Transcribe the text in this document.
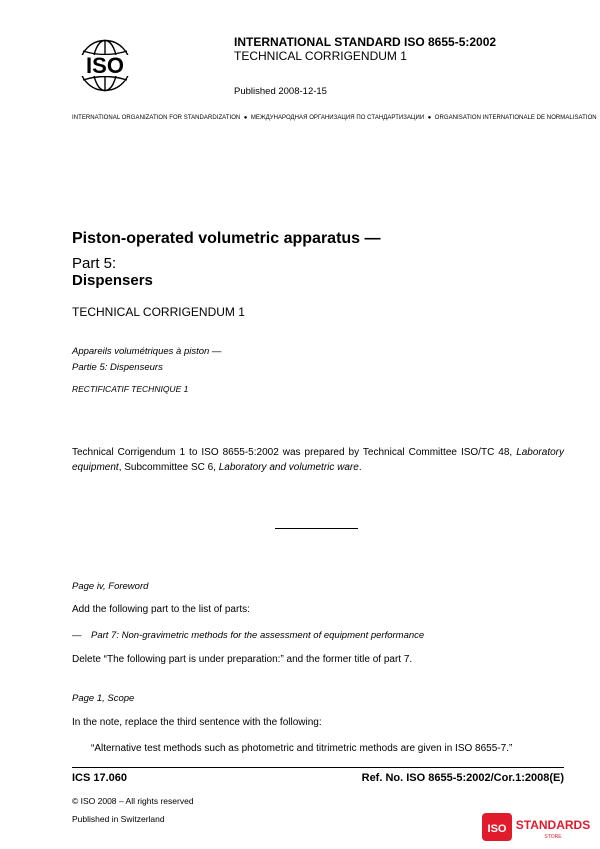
ISO
INTERNATIONAL STANDARD ISO 8655-5:2002
TECHNICAL CORRIGENDUM 1
Published 2008-12-15
INTERNATIONAL ORGANIZATION FOR STANDARDIZATION ● МЕЖДУНАРОДНАЯ ОРГАНИЗАЦИЯ ПО СТАНДАРТИЗАЦИИ ● ORGANISATION INTERNATIONALE DE NORMALISATION
Piston-operated volumetric apparatus —
Part 5:
Dispensers
TECHNICAL CORRIGENDUM 1
Appareils volumétriques à piston —
Partie 5: Dispenseurs
RECTIFICATIF TECHNIQUE 1
Technical Corrigendum 1 to ISO 8655-5:2002 was prepared by Technical Committee ISO/TC 48, Laboratory equipment, Subcommittee SC 6, Laboratory and volumetric ware.
Page iv, Foreword
Add the following part to the list of parts:
— Part 7: Non-gravimetric methods for the assessment of equipment performance
Delete “The following part is under preparation:” and the former title of part 7.
Page 1, Scope
In the note, replace the third sentence with the following:
“Alternative test methods such as photometric and titrimetric methods are given in ISO 8655-7.”
ICS 17.060	Ref. No. ISO 8655-5:2002/Cor.1:2008(E)
© ISO 2008 – All rights reserved
Published in Switzerland
ISO STANDARDS
STORE
